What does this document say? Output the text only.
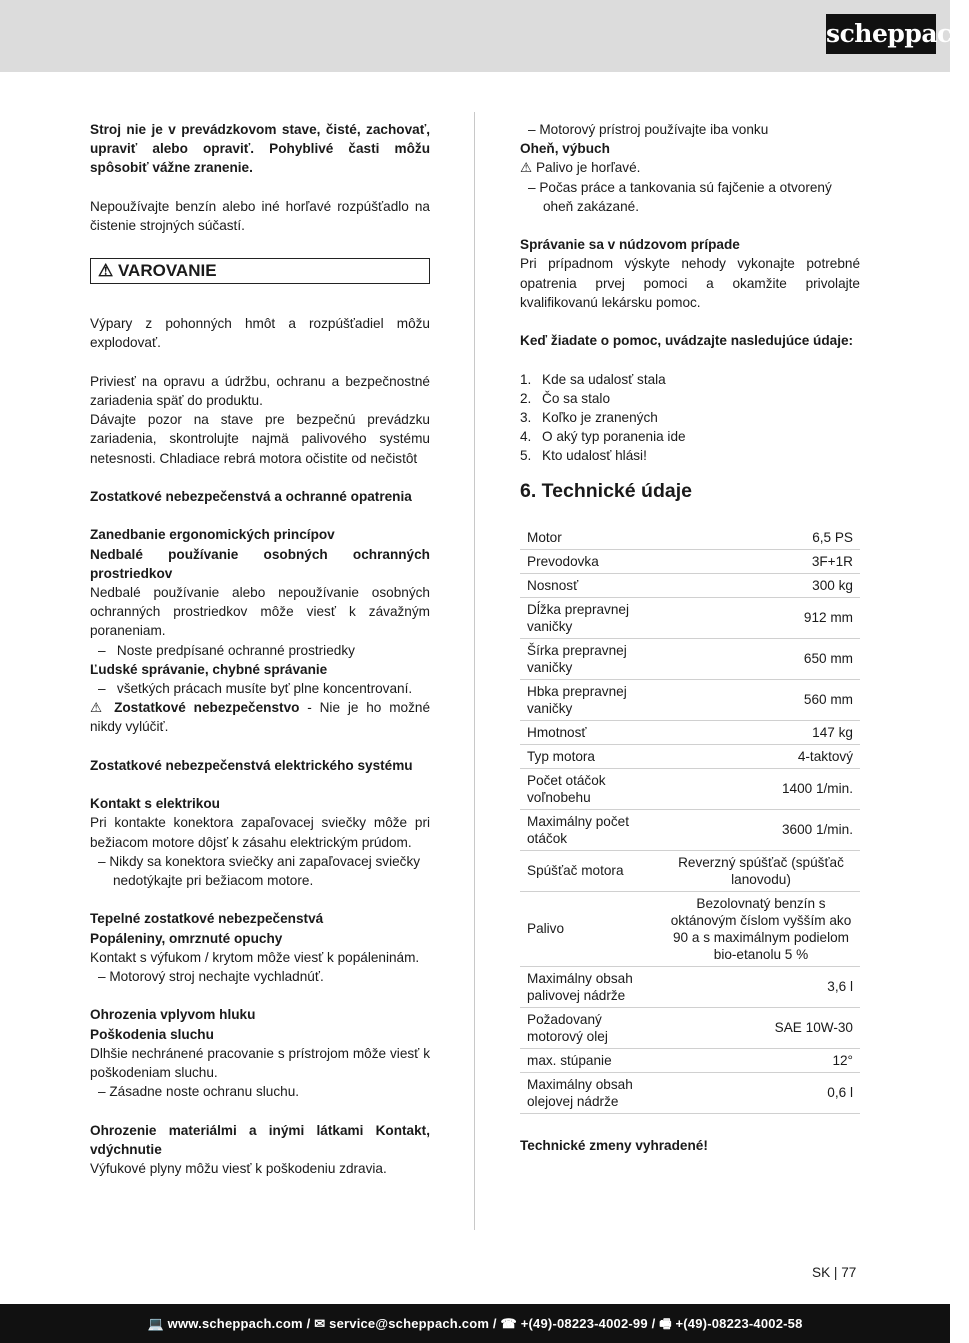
scheppach
Stroj nie je v prevádzkovom stave, čisté, zachovať, upraviť alebo opraviť. Pohyblivé časti môžu spôsobiť vážne zranenie.
Nepoužívajte benzín alebo iné horľavé rozpúšťadlo na čistenie strojných súčastí.
⚠ VAROVANIE
Výpary z pohonných hmôt a rozpúšťadiel môžu explodovať.
Priviesť na opravu a údržbu, ochranu a bezpečnostné zariadenia späť do produktu.
Dávajte pozor na stave pre bezpečnú prevádzku zariadenia, skontrolujte najmä palivového systému netesnosti. Chladiace rebrá motora očistite od nečistôt
Zostatkové nebezpečenstvá a ochranné opatrenia
Zanedbanie ergonomických princípov
Nedbalé používanie osobných ochranných prostriedkov
Nedbalé používanie alebo nepoužívanie osobných ochranných prostriedkov môže viesť k závažným poraneniam.
–   Noste predpísané ochranné prostriedky
Ľudské správanie, chybné správanie
–   všetkých prácach musíte byť plne koncentrovaní.
⚠ Zostatkové nebezpečenstvo - Nie je ho možné nikdy vylúčiť.
Zostatkové nebezpečenstvá elektrického systému
Kontakt s elektrikou
Pri kontakte konektora zapaľovacej sviečky môže pri bežiacom motore dôjsť k zásahu elektrickým prúdom.
– Nikdy sa konektora sviečky ani zapaľovacej sviečky nedotýkajte pri bežiacom motore.
Tepelné zostatkové nebezpečenstvá
Popáleniny, omrznuté opuchy
Kontakt s výfukom / krytom môže viesť k popáleninám.
– Motorový stroj nechajte vychladnúť.
Ohrozenia vplyvom hluku
Poškodenia sluchu
Dlhšie nechránené pracovanie s prístrojom môže viesť k poškodeniam sluchu.
– Zásadne noste ochranu sluchu.
Ohrozenie materiálmi a inými látkami Kontakt, vdýchnutie
Výfukové plyny môžu viesť k poškodeniu zdravia.
– Motorový prístroj používajte iba vonku
Oheň, výbuch
⚠ Palivo je horľavé.
– Počas práce a tankovania sú fajčenie a otvorený oheň zakázané.
Správanie sa v núdzovom prípade
Pri prípadnom výskyte nehody vykonajte potrebné opatrenia prvej pomoci a okamžite privolajte kvalifikovanú lekársku pomoc.
Keď žiadate o pomoc, uvádzajte nasledujúce údaje:
1. Kde sa udalosť stala
2. Čo sa stalo
3. Koľko je zranených
4. O aký typ poranenia ide
5. Kto udalosť hlási!
6. Technické údaje
Motor	6,5 PS
Prevodovka	3F+1R
Nosnosť	300 kg
Dĺžka prepravnej vaničky	912 mm
Šírka prepravnej vaničky	650 mm
Hbka prepravnej vaničky	560 mm
Hmotnosť	147 kg
Typ motora	4-taktový
Počet otáčok voľnobehu	1400 1/min.
Maximálny počet otáčok	3600 1/min.
Spúšťač motora	Reverzný spúšťač (spúšťač lanovodu)
Palivo	Bezolovnatý benzín s oktánovým číslom vyšším ako 90 a s maximálnym podielom bio-etanolu 5 %
Maximálny obsah palivovej nádrže	3,6 l
Požadovaný motorový olej	SAE 10W-30
max. stúpanie	12°
Maximálny obsah olejovej nádrže	0,6 l
Technické zmeny vyhradené!
SK | 77
💻 www.scheppach.com / ✉ service@scheppach.com / ☎ +(49)-08223-4002-99 / 🖷 +(49)-08223-4002-58
